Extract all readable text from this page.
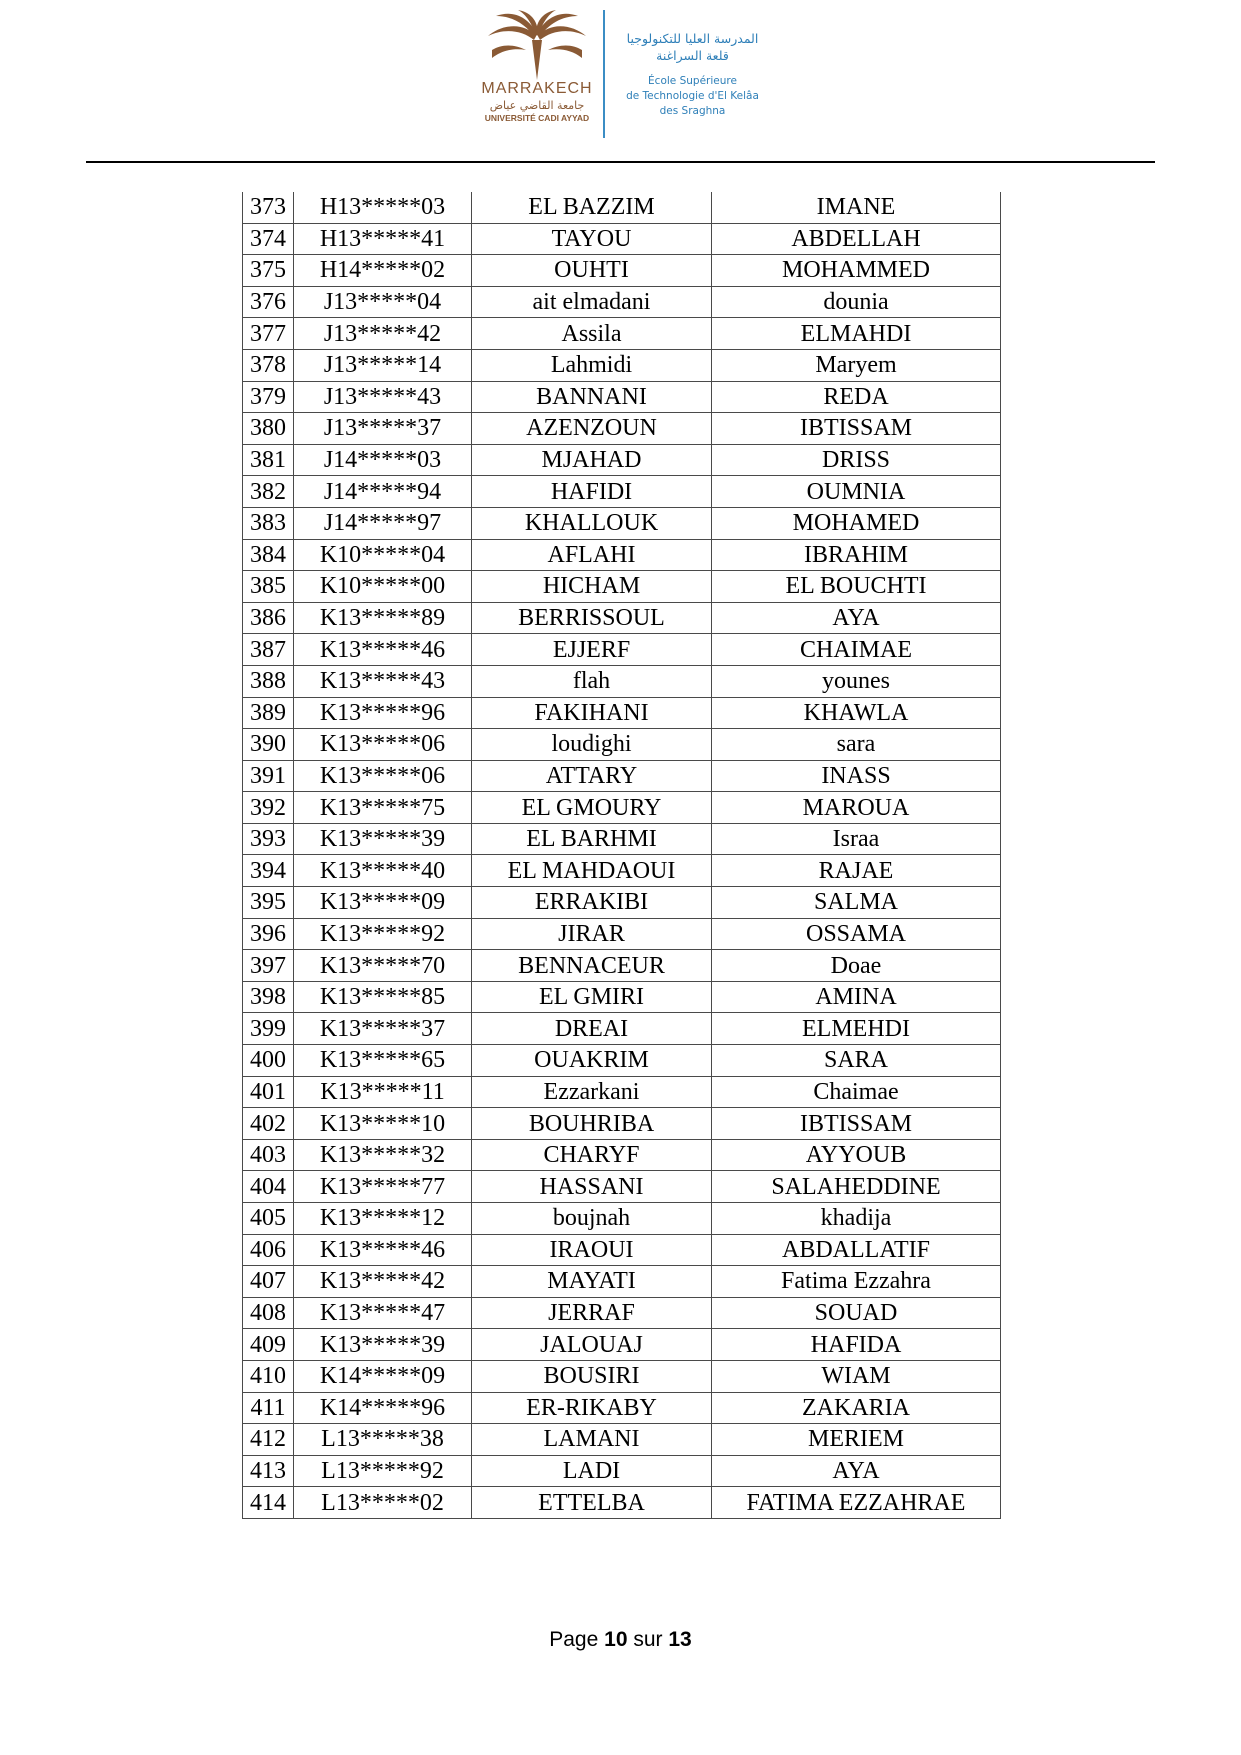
MARRAKECH
جامعة القاضي عياض
UNIVERSITÉ CADI AYYAD
المدرسة العليا للتكنولوجيا
قلعة السراغنة
École Supérieure
de Technologie d'El Kelâa
des Sraghna
373	H13*****03	EL BAZZIM	IMANE
374	H13*****41	TAYOU	ABDELLAH
375	H14*****02	OUHTI	MOHAMMED
376	J13*****04	ait elmadani	dounia
377	J13*****42	Assila	ELMAHDI
378	J13*****14	Lahmidi	Maryem
379	J13*****43	BANNANI	REDA
380	J13*****37	AZENZOUN	IBTISSAM
381	J14*****03	MJAHAD	DRISS
382	J14*****94	HAFIDI	OUMNIA
383	J14*****97	KHALLOUK	MOHAMED
384	K10*****04	AFLAHI	IBRAHIM
385	K10*****00	HICHAM	EL BOUCHTI
386	K13*****89	BERRISSOUL	AYA
387	K13*****46	EJJERF	CHAIMAE
388	K13*****43	flah	younes
389	K13*****96	FAKIHANI	KHAWLA
390	K13*****06	loudighi	sara
391	K13*****06	ATTARY	INASS
392	K13*****75	EL GMOURY	MAROUA
393	K13*****39	EL BARHMI	Israa
394	K13*****40	EL MAHDAOUI	RAJAE
395	K13*****09	ERRAKIBI	SALMA
396	K13*****92	JIRAR	OSSAMA
397	K13*****70	BENNACEUR	Doae
398	K13*****85	EL GMIRI	AMINA
399	K13*****37	DREAI	ELMEHDI
400	K13*****65	OUAKRIM	SARA
401	K13*****11	Ezzarkani	Chaimae
402	K13*****10	BOUHRIBA	IBTISSAM
403	K13*****32	CHARYF	AYYOUB
404	K13*****77	HASSANI	SALAHEDDINE
405	K13*****12	boujnah	khadija
406	K13*****46	IRAOUI	ABDALLATIF
407	K13*****42	MAYATI	Fatima Ezzahra
408	K13*****47	JERRAF	SOUAD
409	K13*****39	JALOUAJ	HAFIDA
410	K14*****09	BOUSIRI	WIAM
411	K14*****96	ER-RIKABY	ZAKARIA
412	L13*****38	LAMANI	MERIEM
413	L13*****92	LADI	AYA
414	L13*****02	ETTELBA	FATIMA EZZAHRAE
Page 10 sur 13
